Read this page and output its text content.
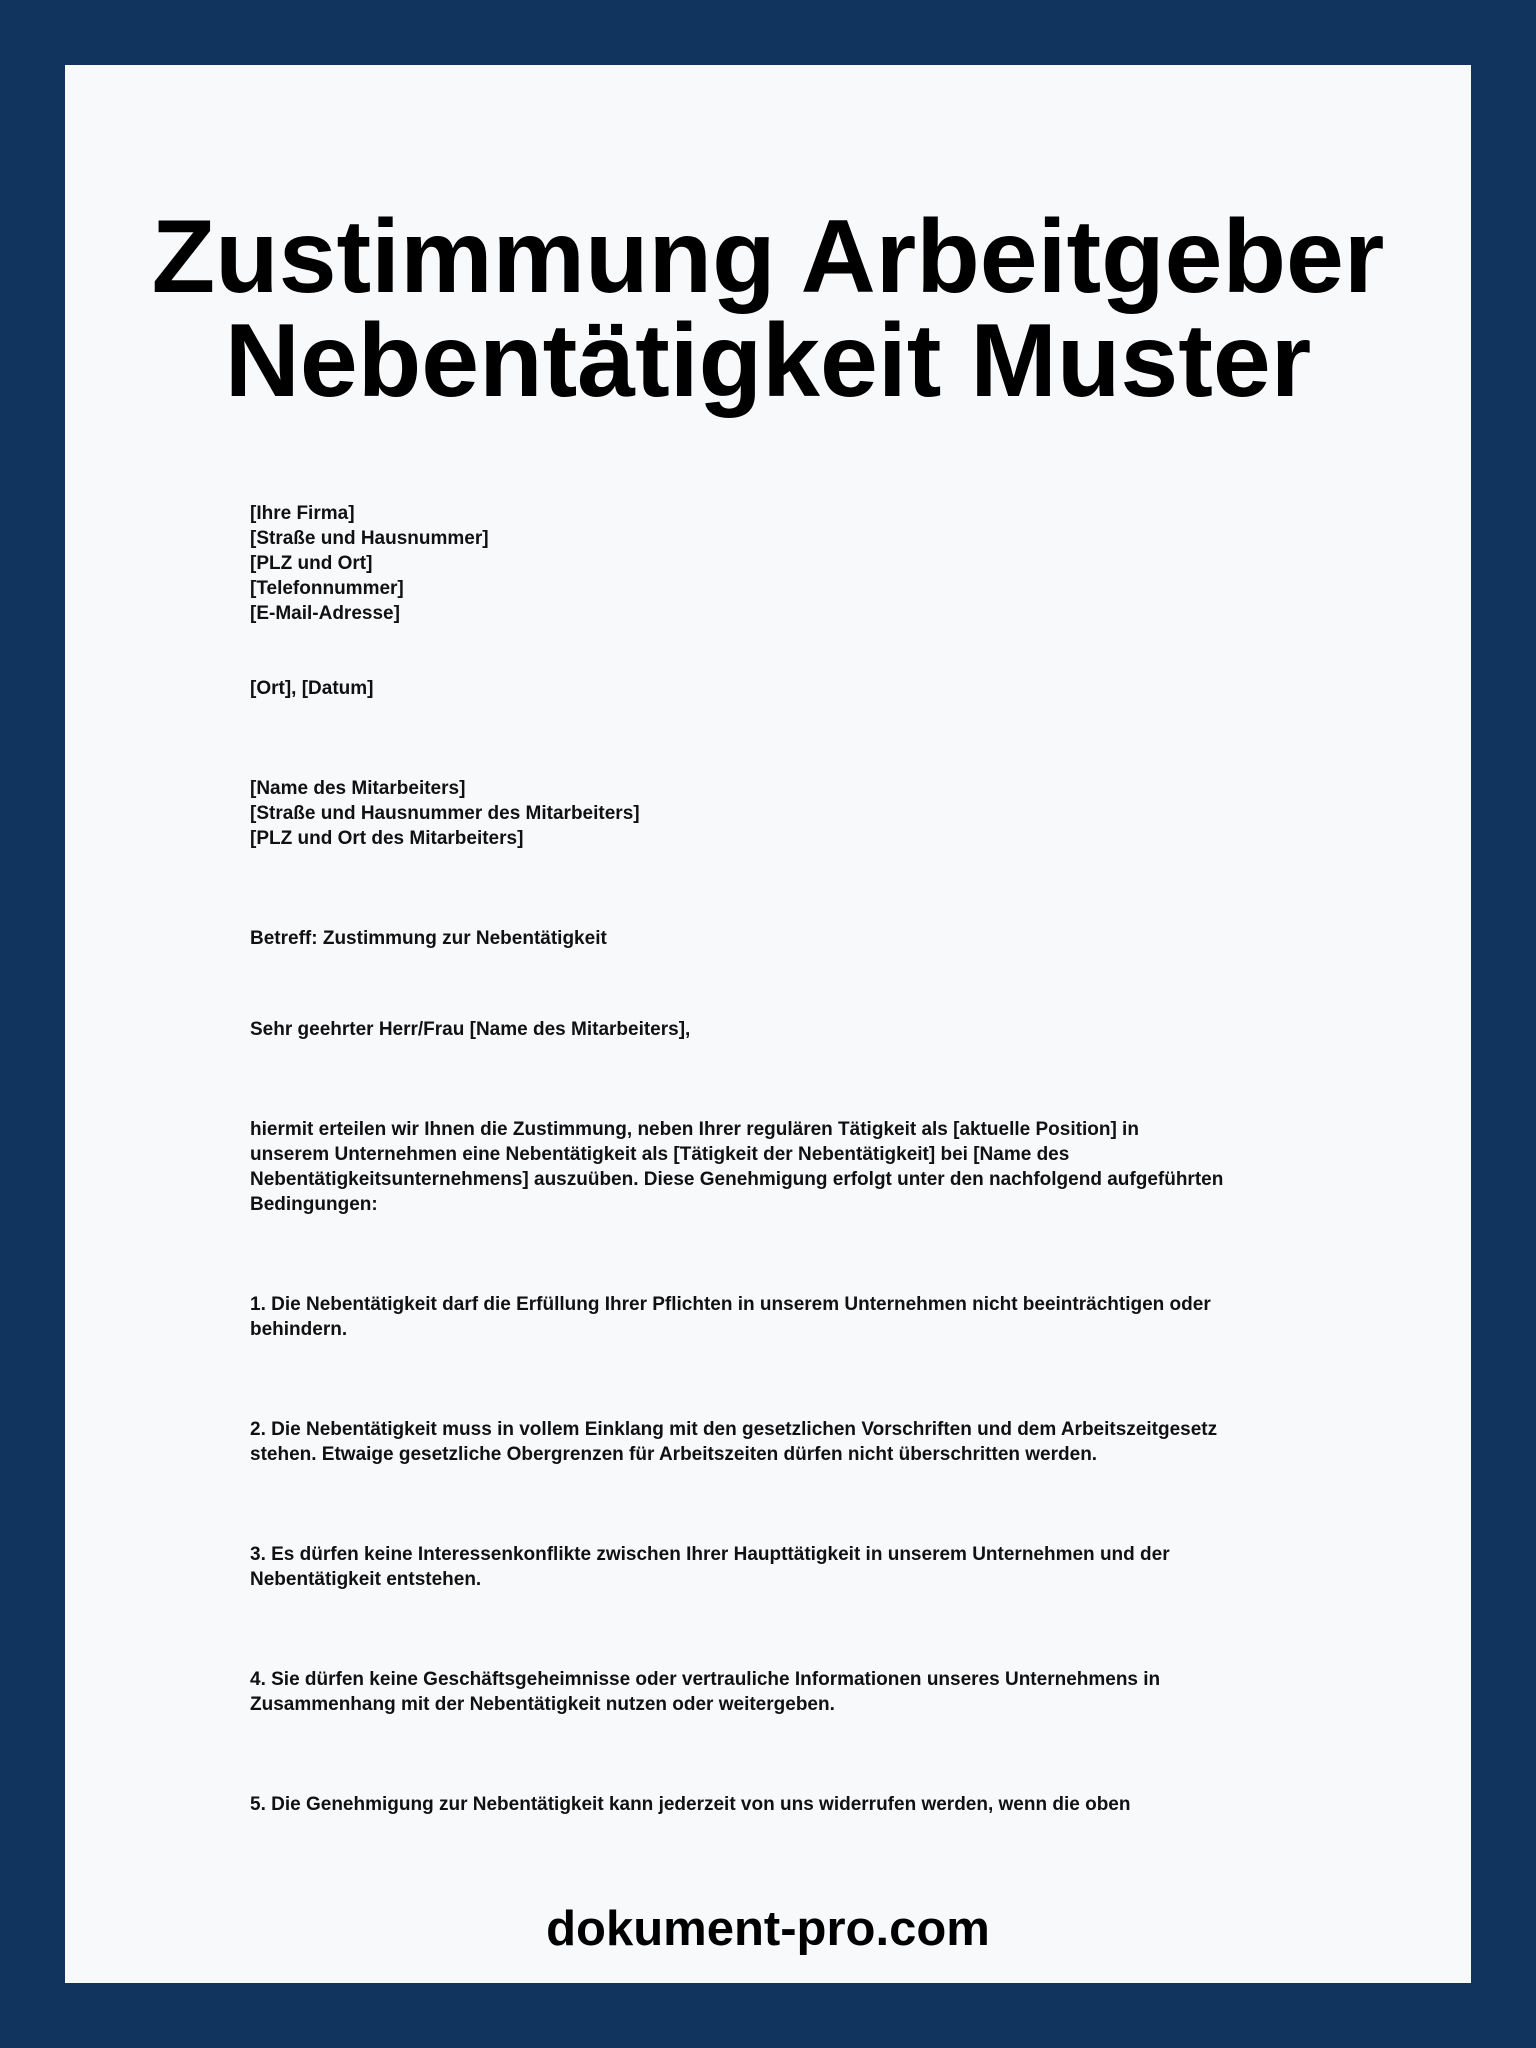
Zustimmung Arbeitgeber
Nebentätigkeit Muster

[Ihre Firma]
[Straße und Hausnummer]
[PLZ und Ort]
[Telefonnummer]
[E-Mail-Adresse]

[Ort], [Datum]

[Name des Mitarbeiters]
[Straße und Hausnummer des Mitarbeiters]
[PLZ und Ort des Mitarbeiters]

Betreff: Zustimmung zur Nebentätigkeit

Sehr geehrter Herr/Frau [Name des Mitarbeiters],

hiermit erteilen wir Ihnen die Zustimmung, neben Ihrer regulären Tätigkeit als [aktuelle Position] in
unserem Unternehmen eine Nebentätigkeit als [Tätigkeit der Nebentätigkeit] bei [Name des
Nebentätigkeitsunternehmens] auszuüben. Diese Genehmigung erfolgt unter den nachfolgend aufgeführten
Bedingungen:

1. Die Nebentätigkeit darf die Erfüllung Ihrer Pflichten in unserem Unternehmen nicht beeinträchtigen oder
behindern.

2. Die Nebentätigkeit muss in vollem Einklang mit den gesetzlichen Vorschriften und dem Arbeitszeitgesetz
stehen. Etwaige gesetzliche Obergrenzen für Arbeitszeiten dürfen nicht überschritten werden.

3. Es dürfen keine Interessenkonflikte zwischen Ihrer Haupttätigkeit in unserem Unternehmen und der
Nebentätigkeit entstehen.

4. Sie dürfen keine Geschäftsgeheimnisse oder vertrauliche Informationen unseres Unternehmens in
Zusammenhang mit der Nebentätigkeit nutzen oder weitergeben.

5. Die Genehmigung zur Nebentätigkeit kann jederzeit von uns widerrufen werden, wenn die oben

dokument-pro.com
